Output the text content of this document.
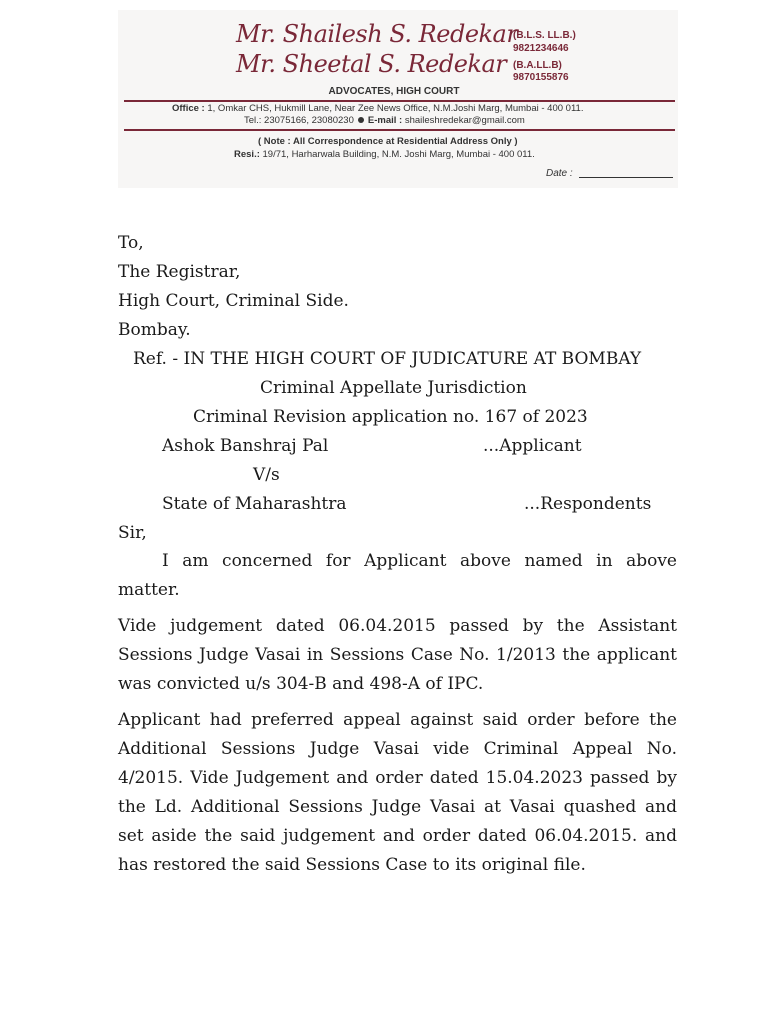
Mr. Shailesh S. Redekar
(B.L.S. LL.B.)
9821234646
Mr. Sheetal S. Redekar (B.A.LL.B)
9870155876
ADVOCATES, HIGH COURT
Office : 1, Omkar CHS, Hukmill Lane, Near Zee News Office, N.M.Joshi Marg, Mumbai - 400 011.
Tel.: 23075166, 23080230 E-mail : shaileshredekar@gmail.com
( Note : All Correspondence at Residential Address Only )
Resi.: 19/71, Harharwala Building, N.M. Joshi Marg, Mumbai - 400 011.
Date :
To,
The Registrar,
High Court, Criminal Side.
Bombay.
Ref. - IN THE HIGH COURT OF JUDICATURE AT BOMBAY
Criminal Appellate Jurisdiction
Criminal Revision application no. 167 of 2023
Ashok Banshraj Pal	...Applicant
V/s
State of Maharashtra	...Respondents
Sir,
I am concerned for Applicant above named in above matter.
Vide judgement dated 06.04.2015 passed by the Assistant Sessions Judge Vasai in Sessions Case No. 1/2013 the applicant was convicted u/s 304-B and 498-A of IPC.
Applicant had preferred appeal against said order before the Additional Sessions Judge Vasai vide Criminal Appeal No. 4/2015. Vide Judgement and order dated 15.04.2023 passed by the Ld. Additional Sessions Judge Vasai at Vasai quashed and set aside the said judgement and order dated 06.04.2015. and has restored the said Sessions Case to its original file.
